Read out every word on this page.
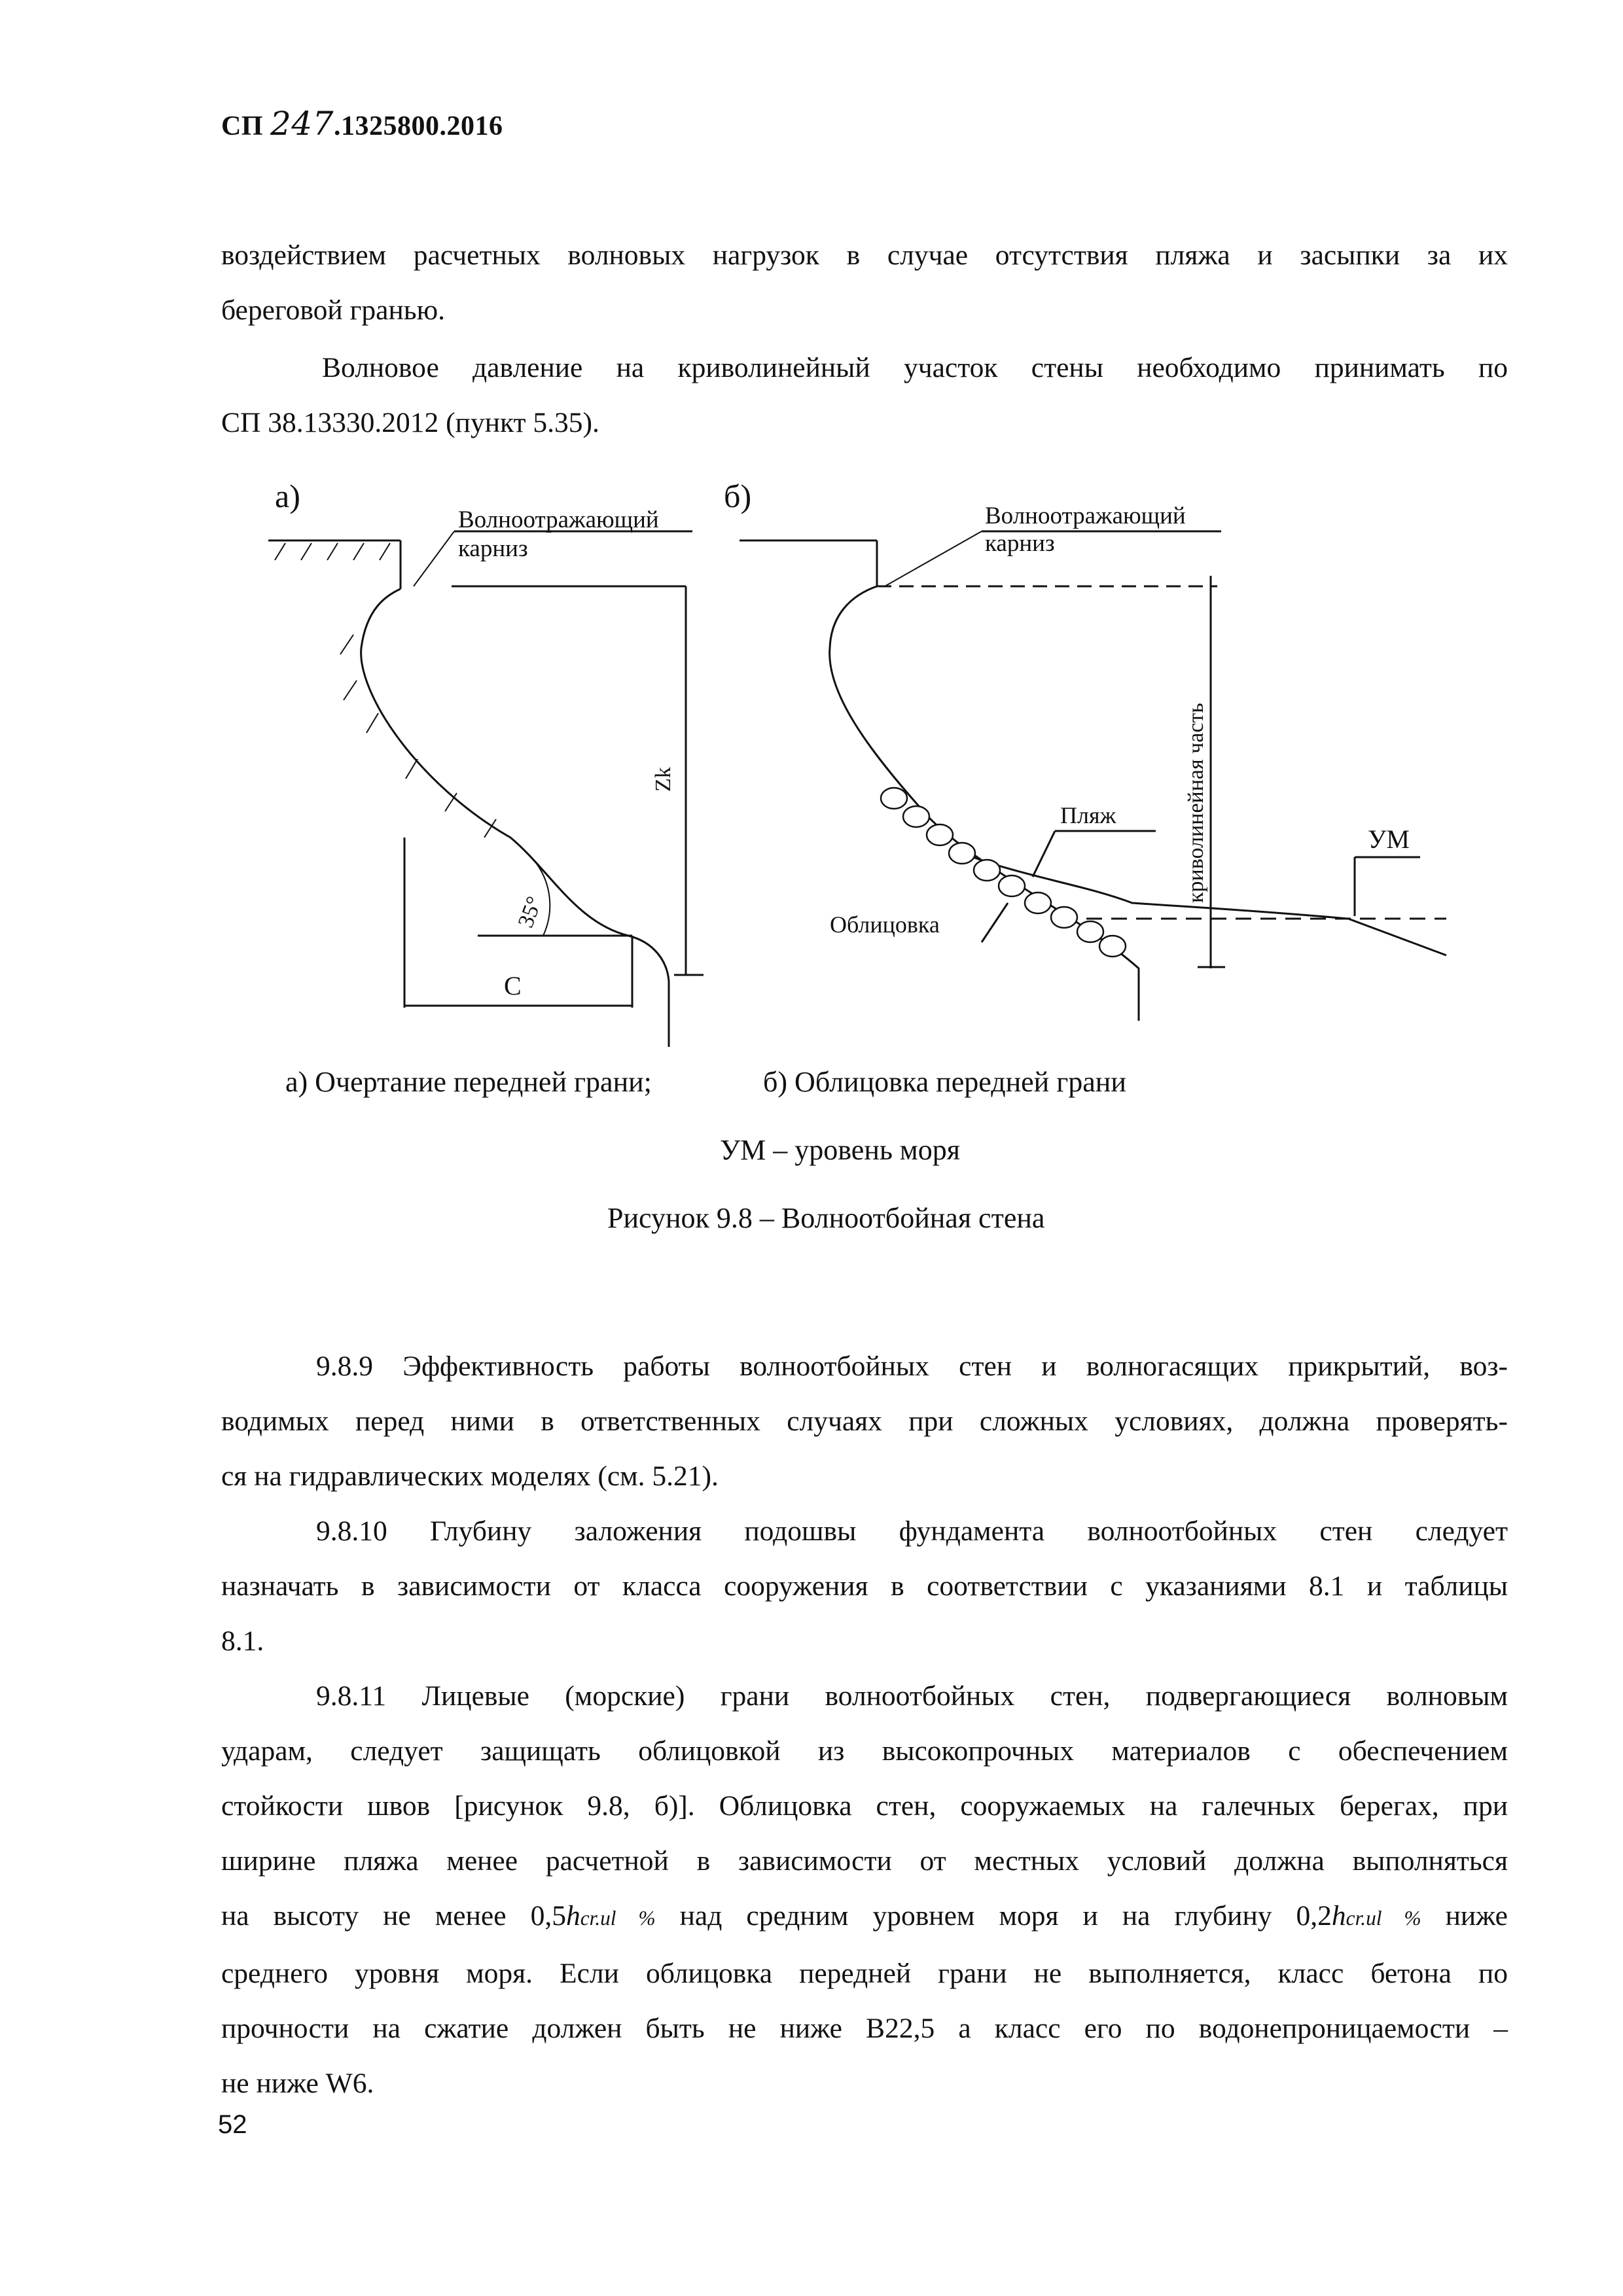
СП 247.1325800.2016
воздействием расчетных волновых нагрузок в случае отсутствия пляжа и засыпки за их
береговой гранью.
Волновое давление на криволинейный участок стены необходимо принимать по
СП 38.13330.2012 (пункт 5.35).
а)	б)
Волноотражающий
карниз
Волноотражающий
карниз
Zk
35°
С
криволинейная часть
Пляж
Облицовка
УМ
а) Очертание передней грани;	б) Облицовка передней грани
УМ – уровень моря
Рисунок 9.8 – Волноотбойная стена
9.8.9 Эффективность работы волноотбойных стен и волногасящих прикрытий, воз-
водимых перед ними в ответственных случаях при сложных условиях, должна проверять-
ся на гидравлических моделях (см. 5.21).
9.8.10 Глубину заложения подошвы фундамента волноотбойных стен следует
назначать в зависимости от класса сооружения в соответствии с указаниями 8.1 и таблицы
8.1.
9.8.11 Лицевые (морские) грани волноотбойных стен, подвергающиеся волновым
ударам, следует защищать облицовкой из высокопрочных материалов с обеспечением
стойкости швов [рисунок 9.8, б)]. Облицовка стен, сооружаемых на галечных берегах, при
ширине пляжа менее расчетной в зависимости от местных условий должна выполняться
на высоту не менее 0,5hcr.ul % над средним уровнем моря и на глубину 0,2hcr.ul % ниже
среднего уровня моря. Если облицовка передней грани не выполняется, класс бетона по
прочности на сжатие должен быть не ниже В22,5 а класс его по водонепроницаемости –
не ниже W6.
52
